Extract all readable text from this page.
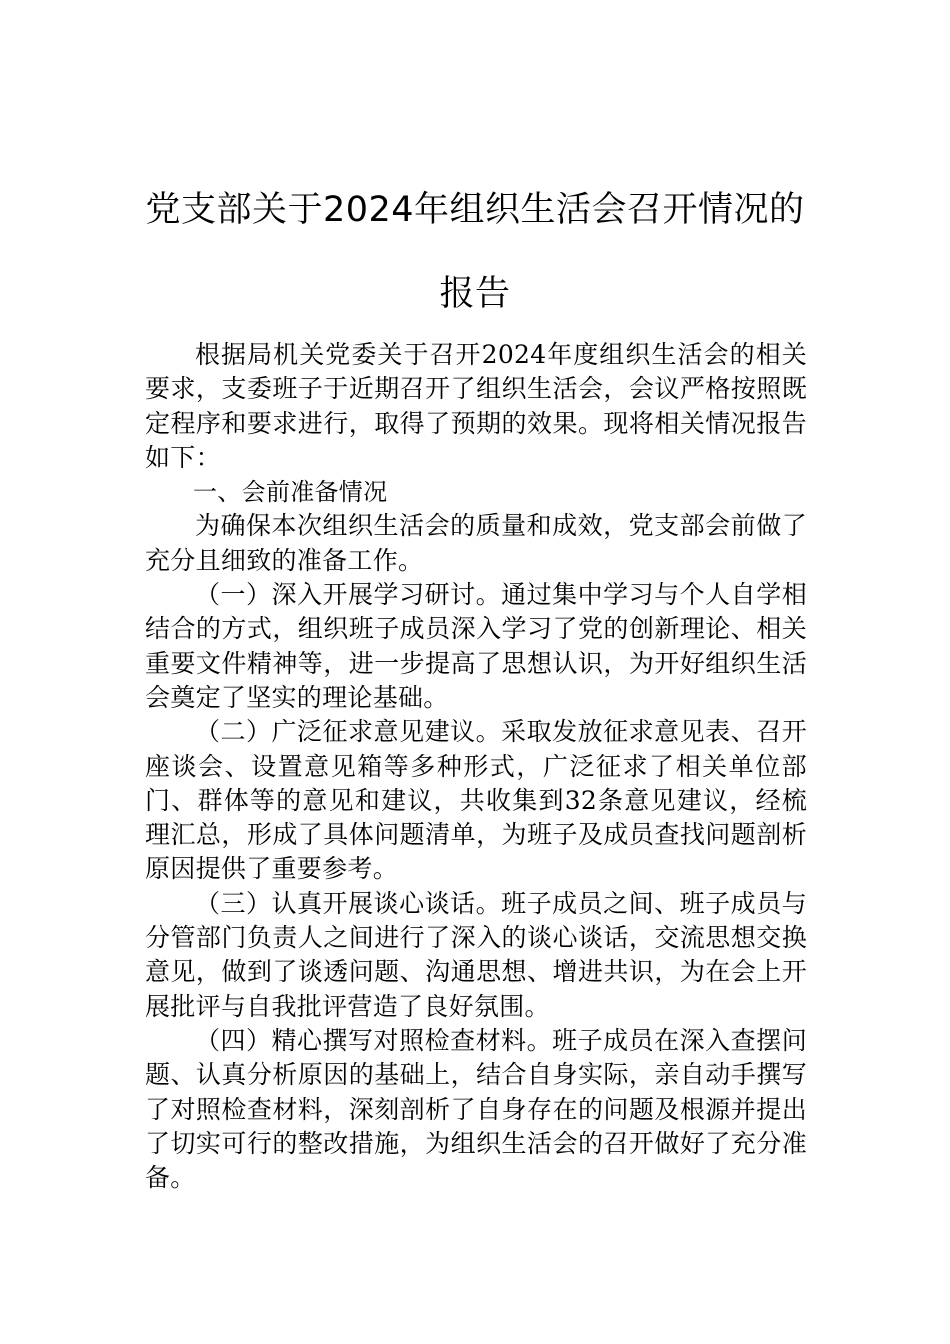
党支部关于2024年组织生活会召开情况的
报告

根据局机关党委关于召开2024年度组织生活会的相关要求，支委班子于近期召开了组织生活会，会议严格按照既定程序和要求进行，取得了预期的效果。现将相关情况报告如下：

一、会前准备情况

为确保本次组织生活会的质量和成效，党支部会前做了充分且细致的准备工作。

（一）深入开展学习研讨。通过集中学习与个人自学相结合的方式，组织班子成员深入学习了党的创新理论、相关重要文件精神等，进一步提高了思想认识，为开好组织生活会奠定了坚实的理论基础。

（二）广泛征求意见建议。采取发放征求意见表、召开座谈会、设置意见箱等多种形式，广泛征求了相关单位部门、群体等的意见和建议，共收集到32条意见建议，经梳理汇总，形成了具体问题清单，为班子及成员查找问题剖析原因提供了重要参考。

（三）认真开展谈心谈话。班子成员之间、班子成员与分管部门负责人之间进行了深入的谈心谈话，交流思想交换意见，做到了谈透问题、沟通思想、增进共识，为在会上开展批评与自我批评营造了良好氛围。

（四）精心撰写对照检查材料。班子成员在深入查摆问题、认真分析原因的基础上，结合自身实际，亲自动手撰写了对照检查材料，深刻剖析了自身存在的问题及根源并提出了切实可行的整改措施，为组织生活会的召开做好了充分准备。
